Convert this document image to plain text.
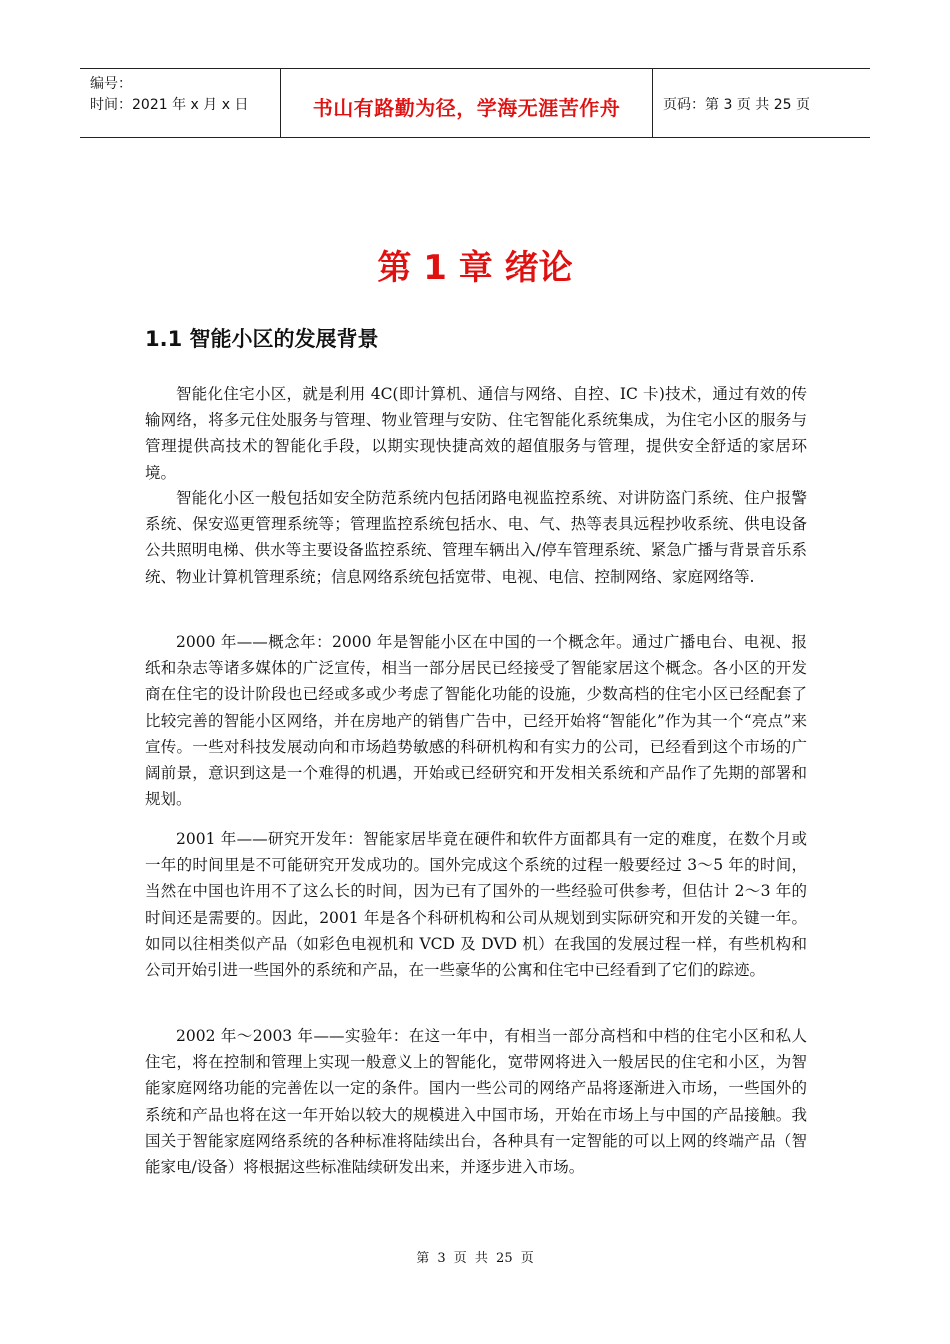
编号：
时间：2021 年 x 月 x 日	书山有路勤为径，学海无涯苦作舟	页码：第 3 页 共 25 页
第 1 章 绪论
1.1 智能小区的发展背景

智能化住宅小区，就是利用 4C(即计算机、通信与网络、自控、IC 卡)技术，通过有效的传输网络，将多元住处服务与管理、物业管理与安防、住宅智能化系统集成，为住宅小区的服务与管理提供高技术的智能化手段，以期实现快捷高效的超值服务与管理，提供安全舒适的家居环境。

智能化小区一般包括如安全防范系统内包括闭路电视监控系统、对讲防盗门系统、住户报警系统、保安巡更管理系统等；管理监控系统包括水、电、气、热等表具远程抄收系统、供电设备公共照明电梯、供水等主要设备监控系统、管理车辆出入/停车管理系统、紧急广播与背景音乐系统、物业计算机管理系统；信息网络系统包括宽带、电视、电信、控制网络、家庭网络等.

2000 年——概念年：2000 年是智能小区在中国的一个概念年。通过广播电台、电视、报纸和杂志等诸多媒体的广泛宣传，相当一部分居民已经接受了智能家居这个概念。各小区的开发商在住宅的设计阶段也已经或多或少考虑了智能化功能的设施，少数高档的住宅小区已经配套了比较完善的智能小区网络，并在房地产的销售广告中，已经开始将“智能化”作为其一个“亮点”来宣传。一些对科技发展动向和市场趋势敏感的科研机构和有实力的公司，已经看到这个市场的广阔前景，意识到这是一个难得的机遇，开始或已经研究和开发相关系统和产品作了先期的部署和规划。

2001 年——研究开发年：智能家居毕竟在硬件和软件方面都具有一定的难度，在数个月或一年的时间里是不可能研究开发成功的。国外完成这个系统的过程一般要经过 3～5 年的时间，当然在中国也许用不了这么长的时间，因为已有了国外的一些经验可供参考，但估计 2～3 年的时间还是需要的。因此，2001 年是各个科研机构和公司从规划到实际研究和开发的关键一年。如同以往相类似产品（如彩色电视机和 VCD 及 DVD 机）在我国的发展过程一样，有些机构和公司开始引进一些国外的系统和产品，在一些豪华的公寓和住宅中已经看到了它们的踪迹。

2002 年～2003 年——实验年：在这一年中，有相当一部分高档和中档的住宅小区和私人住宅，将在控制和管理上实现一般意义上的智能化，宽带网将进入一般居民的住宅和小区，为智能家庭网络功能的完善佐以一定的条件。国内一些公司的网络产品将逐渐进入市场，一些国外的系统和产品也将在这一年开始以较大的规模进入中国市场，开始在市场上与中国的产品接触。我国关于智能家庭网络系统的各种标准将陆续出台，各种具有一定智能的可以上网的终端产品（智能家电/设备）将根据这些标准陆续研发出来，并逐步进入市场。

第 3 页 共 25 页
